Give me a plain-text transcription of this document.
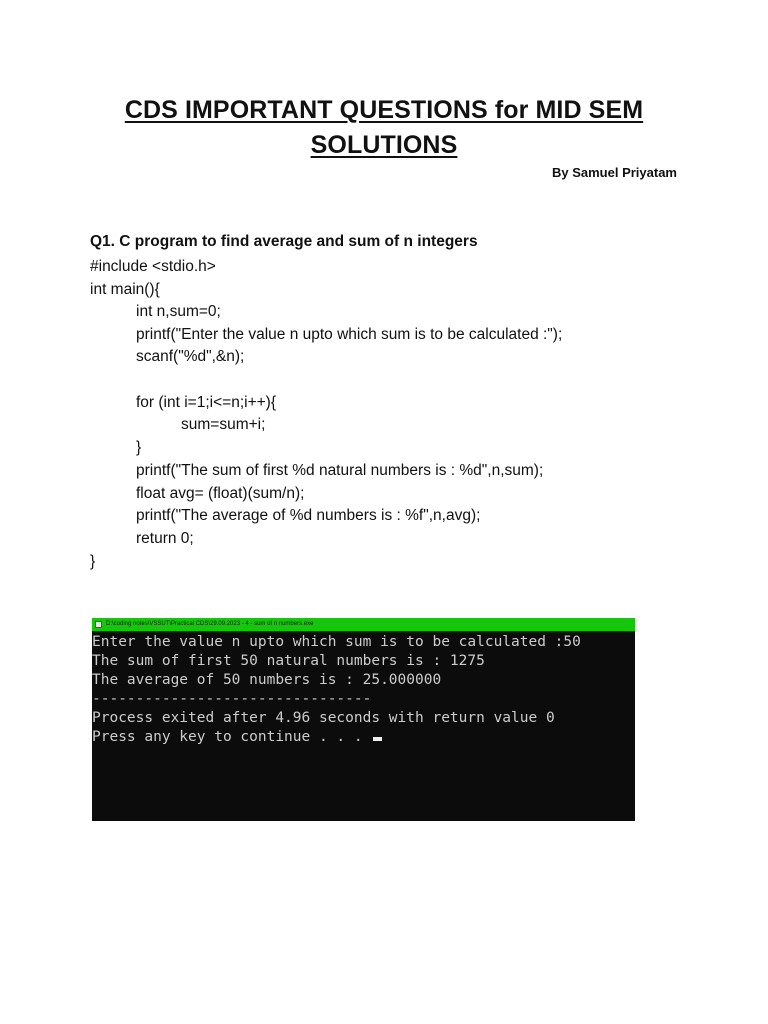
CDS IMPORTANT QUESTIONS for MID SEM
SOLUTIONS
By Samuel Priyatam
Q1. C program to find average and sum of n integers
#include <stdio.h>
int main(){
int n,sum=0;
printf("Enter the value n upto which sum is to be calculated :");
scanf("%d",&n);
for (int i=1;i<=n;i++){
sum=sum+i;
}
printf("The sum of first %d natural numbers is : %d",n,sum);
float avg= (float)(sum/n);
printf("The average of %d numbers is : %f",n,avg);
return 0;
}
D:\coding notes\VSSUT\Practical CDS\29.09.2023 - 4 - sum of n numbers.exe
Enter the value n upto which sum is to be calculated :50
The sum of first 50 natural numbers is : 1275
The average of 50 numbers is : 25.000000
--------------------------------
Process exited after 4.96 seconds with return value 0
Press any key to continue . . .
